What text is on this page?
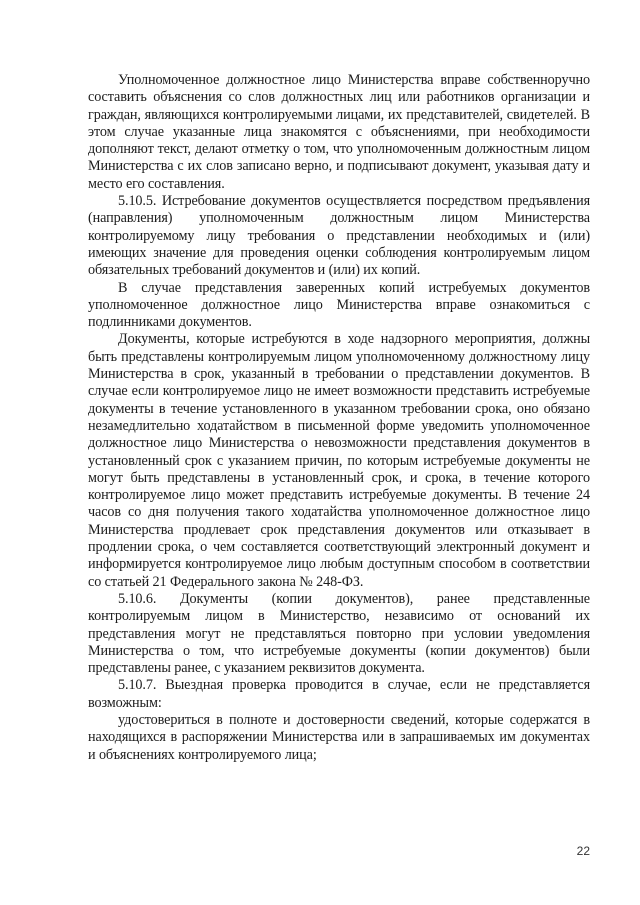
Уполномоченное должностное лицо Министерства вправе собственноручно составить объяснения со слов должностных лиц или работников организации и граждан, являющихся контролируемыми лицами, их представителей, свидетелей. В этом случае указанные лица знакомятся с объяснениями, при необходимости дополняют текст, делают отметку о том, что уполномоченным должностным лицом Министерства с их слов записано верно, и подписывают документ, указывая дату и место его составления.

5.10.5. Истребование документов осуществляется посредством предъявления (направления) уполномоченным должностным лицом Министерства контролируемому лицу требования о представлении необходимых и (или) имеющих значение для проведения оценки соблюдения контролируемым лицом обязательных требований документов и (или) их копий.

В случае представления заверенных копий истребуемых документов уполномоченное должностное лицо Министерства вправе ознакомиться с подлинниками документов.

Документы, которые истребуются в ходе надзорного мероприятия, должны быть представлены контролируемым лицом уполномоченному должностному лицу Министерства в срок, указанный в требовании о представлении документов. В случае если контролируемое лицо не имеет возможности представить истребуемые документы в течение установленного в указанном требовании срока, оно обязано незамедлительно ходатайством в письменной форме уведомить уполномоченное должностное лицо Министерства о невозможности представления документов в установленный срок с указанием причин, по которым истребуемые документы не могут быть представлены в установленный срок, и срока, в течение которого контролируемое лицо может представить истребуемые документы. В течение 24 часов со дня получения такого ходатайства уполномоченное должностное лицо Министерства продлевает срок представления документов или отказывает в продлении срока, о чем составляется соответствующий электронный документ и информируется контролируемое лицо любым доступным способом в соответствии со статьей 21 Федерального закона № 248-ФЗ.

5.10.6. Документы (копии документов), ранее представленные контролируемым лицом в Министерство, независимо от оснований их представления могут не представляться повторно при условии уведомления Министерства о том, что истребуемые документы (копии документов) были представлены ранее, с указанием реквизитов документа.

5.10.7. Выездная проверка проводится в случае, если не представляется возможным:

удостовериться в полноте и достоверности сведений, которые содержатся в находящихся в распоряжении Министерства или в запрашиваемых им документах и объяснениях контролируемого лица;

22
